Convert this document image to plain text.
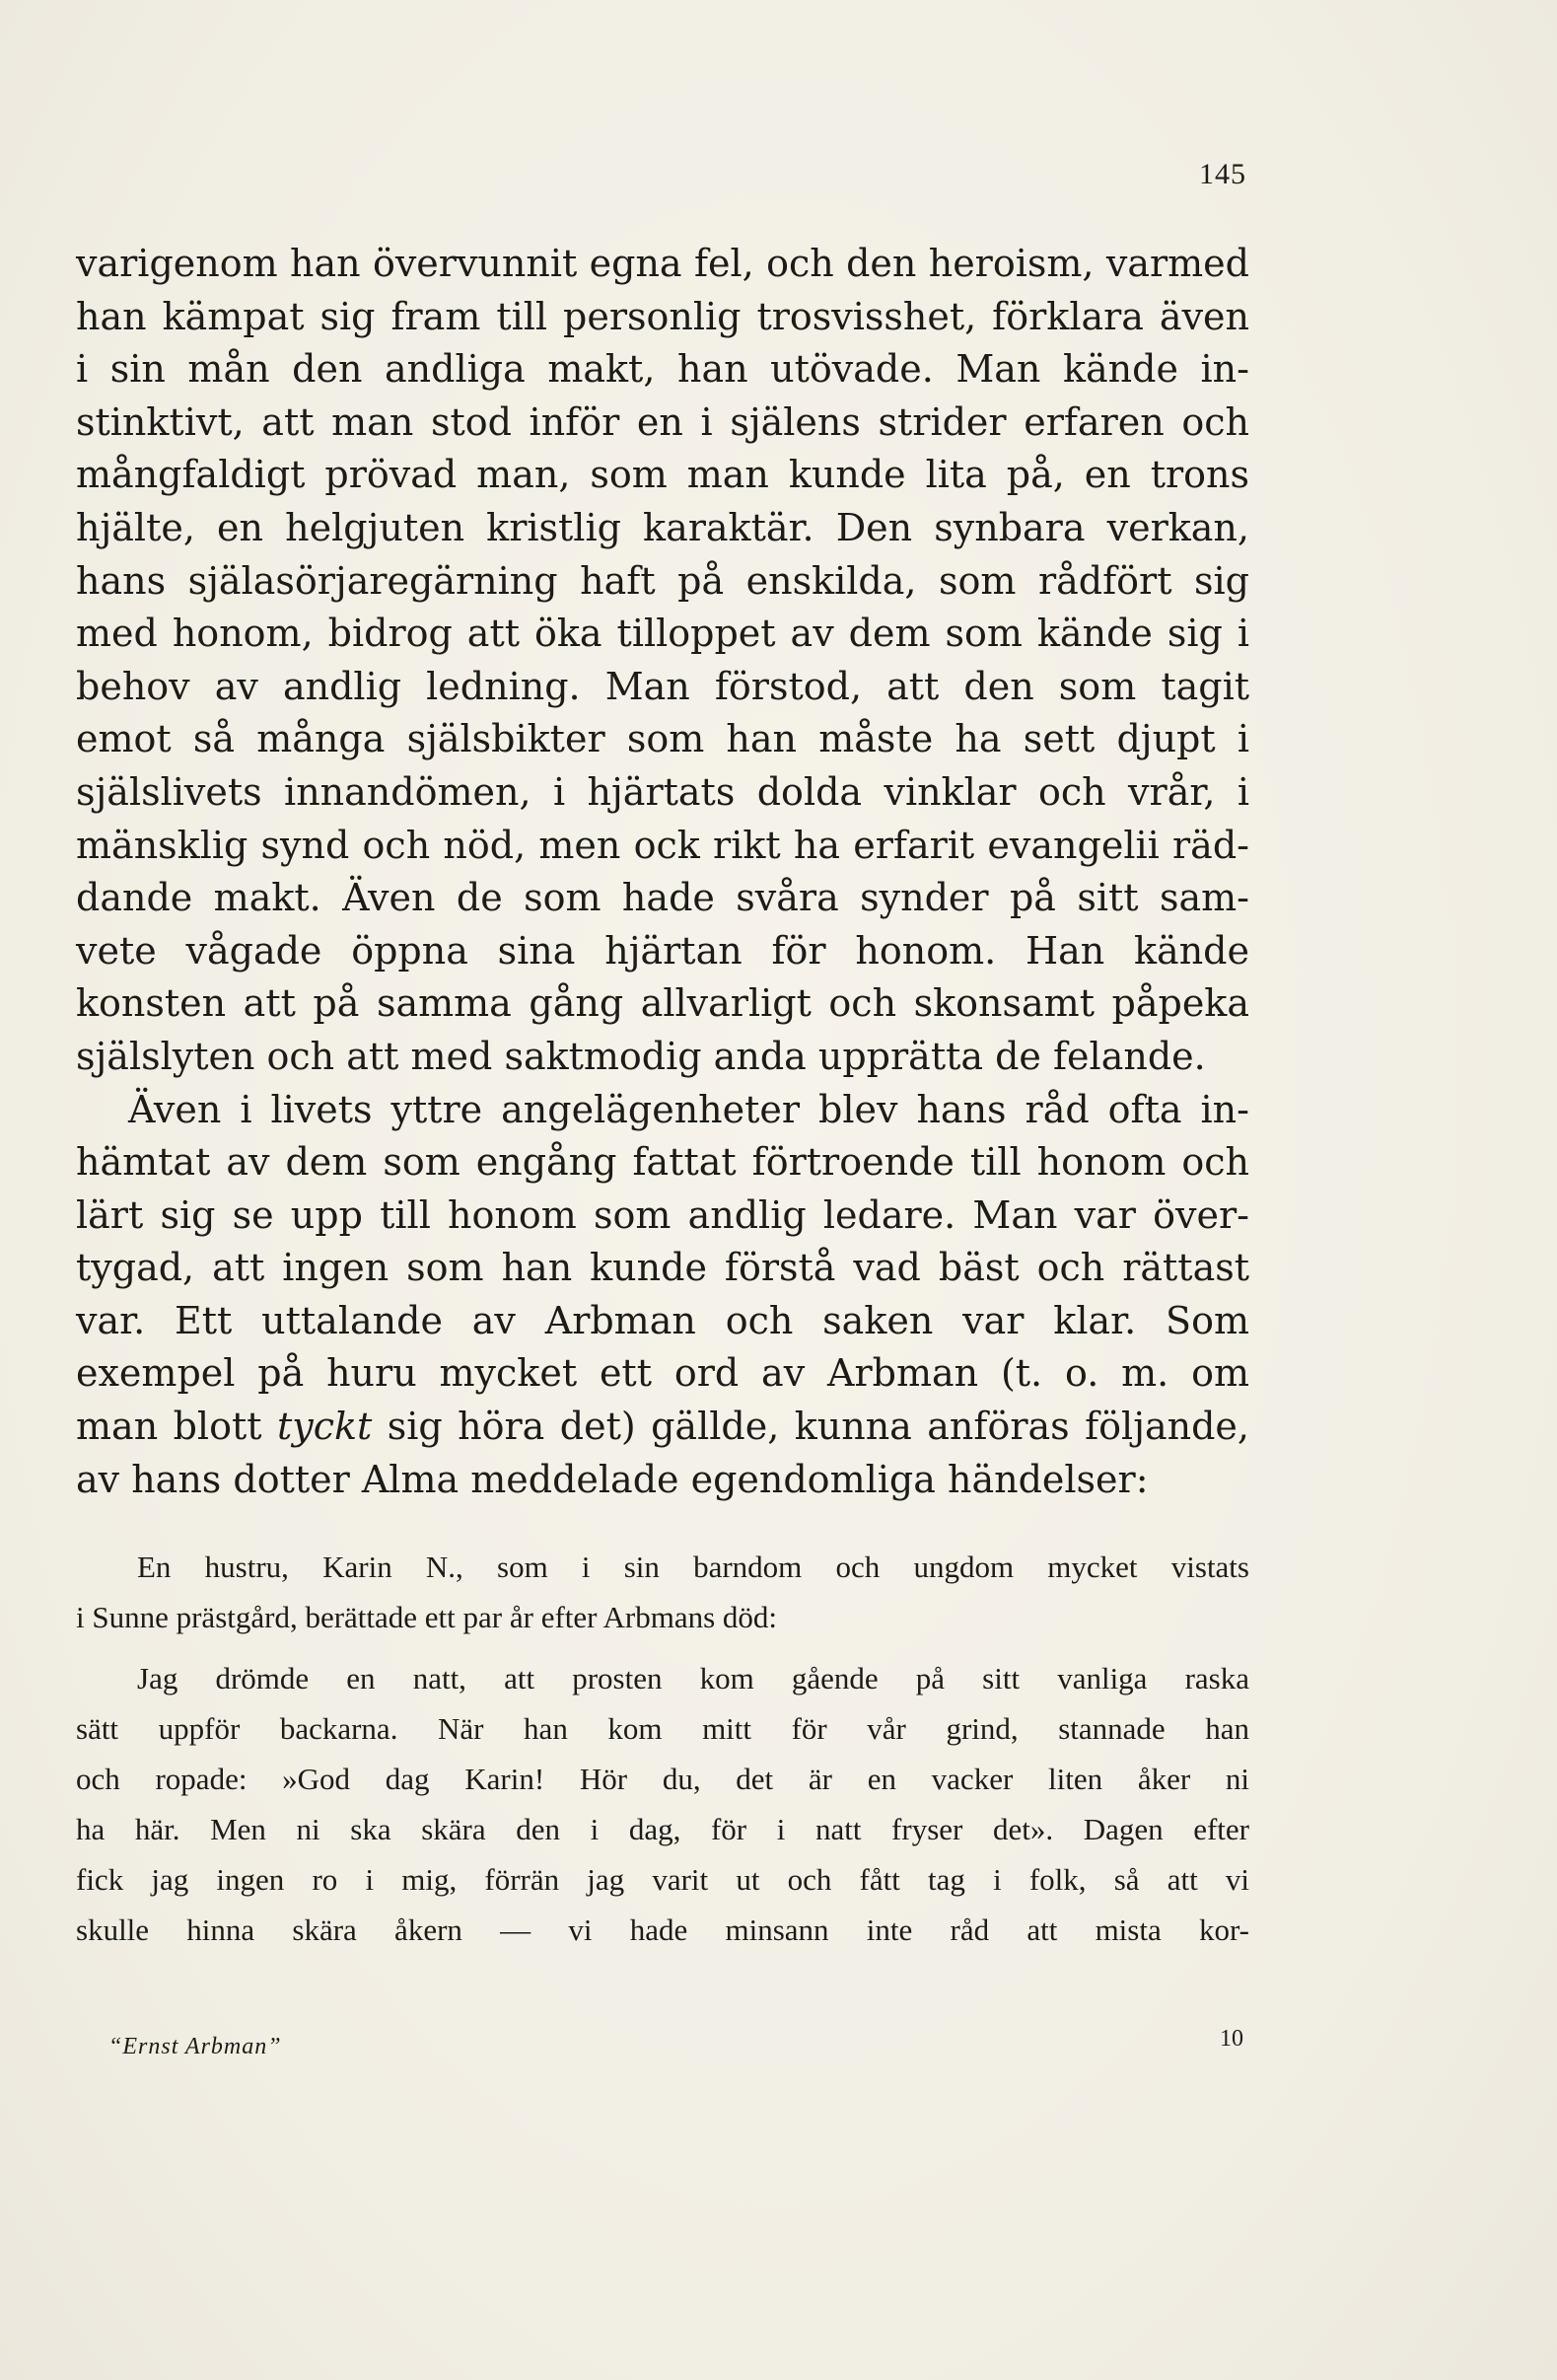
145
varigenom han övervunnit egna fel, och den heroism, varmed
han kämpat sig fram till personlig trosvisshet, förklara även
i sin mån den andliga makt, han utövade. Man kände in-
stinktivt, att man stod inför en i själens strider erfaren och
mångfaldigt prövad man, som man kunde lita på, en trons
hjälte, en helgjuten kristlig karaktär. Den synbara verkan,
hans själasörjaregärning haft på enskilda, som rådfört sig
med honom, bidrog att öka tilloppet av dem som kände sig i
behov av andlig ledning. Man förstod, att den som tagit
emot så många själsbikter som han måste ha sett djupt i
själslivets innandömen, i hjärtats dolda vinklar och vrår, i
mänsklig synd och nöd, men ock rikt ha erfarit evangelii räd-
dande makt. Även de som hade svåra synder på sitt sam-
vete vågade öppna sina hjärtan för honom. Han kände
konsten att på samma gång allvarligt och skonsamt påpeka
själslyten och att med saktmodig anda upprätta de felande.
Även i livets yttre angelägenheter blev hans råd ofta in-
hämtat av dem som engång fattat förtroende till honom och
lärt sig se upp till honom som andlig ledare. Man var över-
tygad, att ingen som han kunde förstå vad bäst och rättast
var. Ett uttalande av Arbman och saken var klar. Som
exempel på huru mycket ett ord av Arbman (t. o. m. om
man blott tyckt sig höra det) gällde, kunna anföras följande,
av hans dotter Alma meddelade egendomliga händelser:
En hustru, Karin N., som i sin barndom och ungdom mycket vistats
i Sunne prästgård, berättade ett par år efter Arbmans död:
Jag drömde en natt, att prosten kom gående på sitt vanliga raska
sätt uppför backarna. När han kom mitt för vår grind, stannade han
och ropade: »God dag Karin! Hör du, det är en vacker liten åker ni
ha här. Men ni ska skära den i dag, för i natt fryser det». Dagen efter
fick jag ingen ro i mig, förrän jag varit ut och fått tag i folk, så att vi
skulle hinna skära åkern — vi hade minsann inte råd att mista kor-
“Ernst Arbman”	10
